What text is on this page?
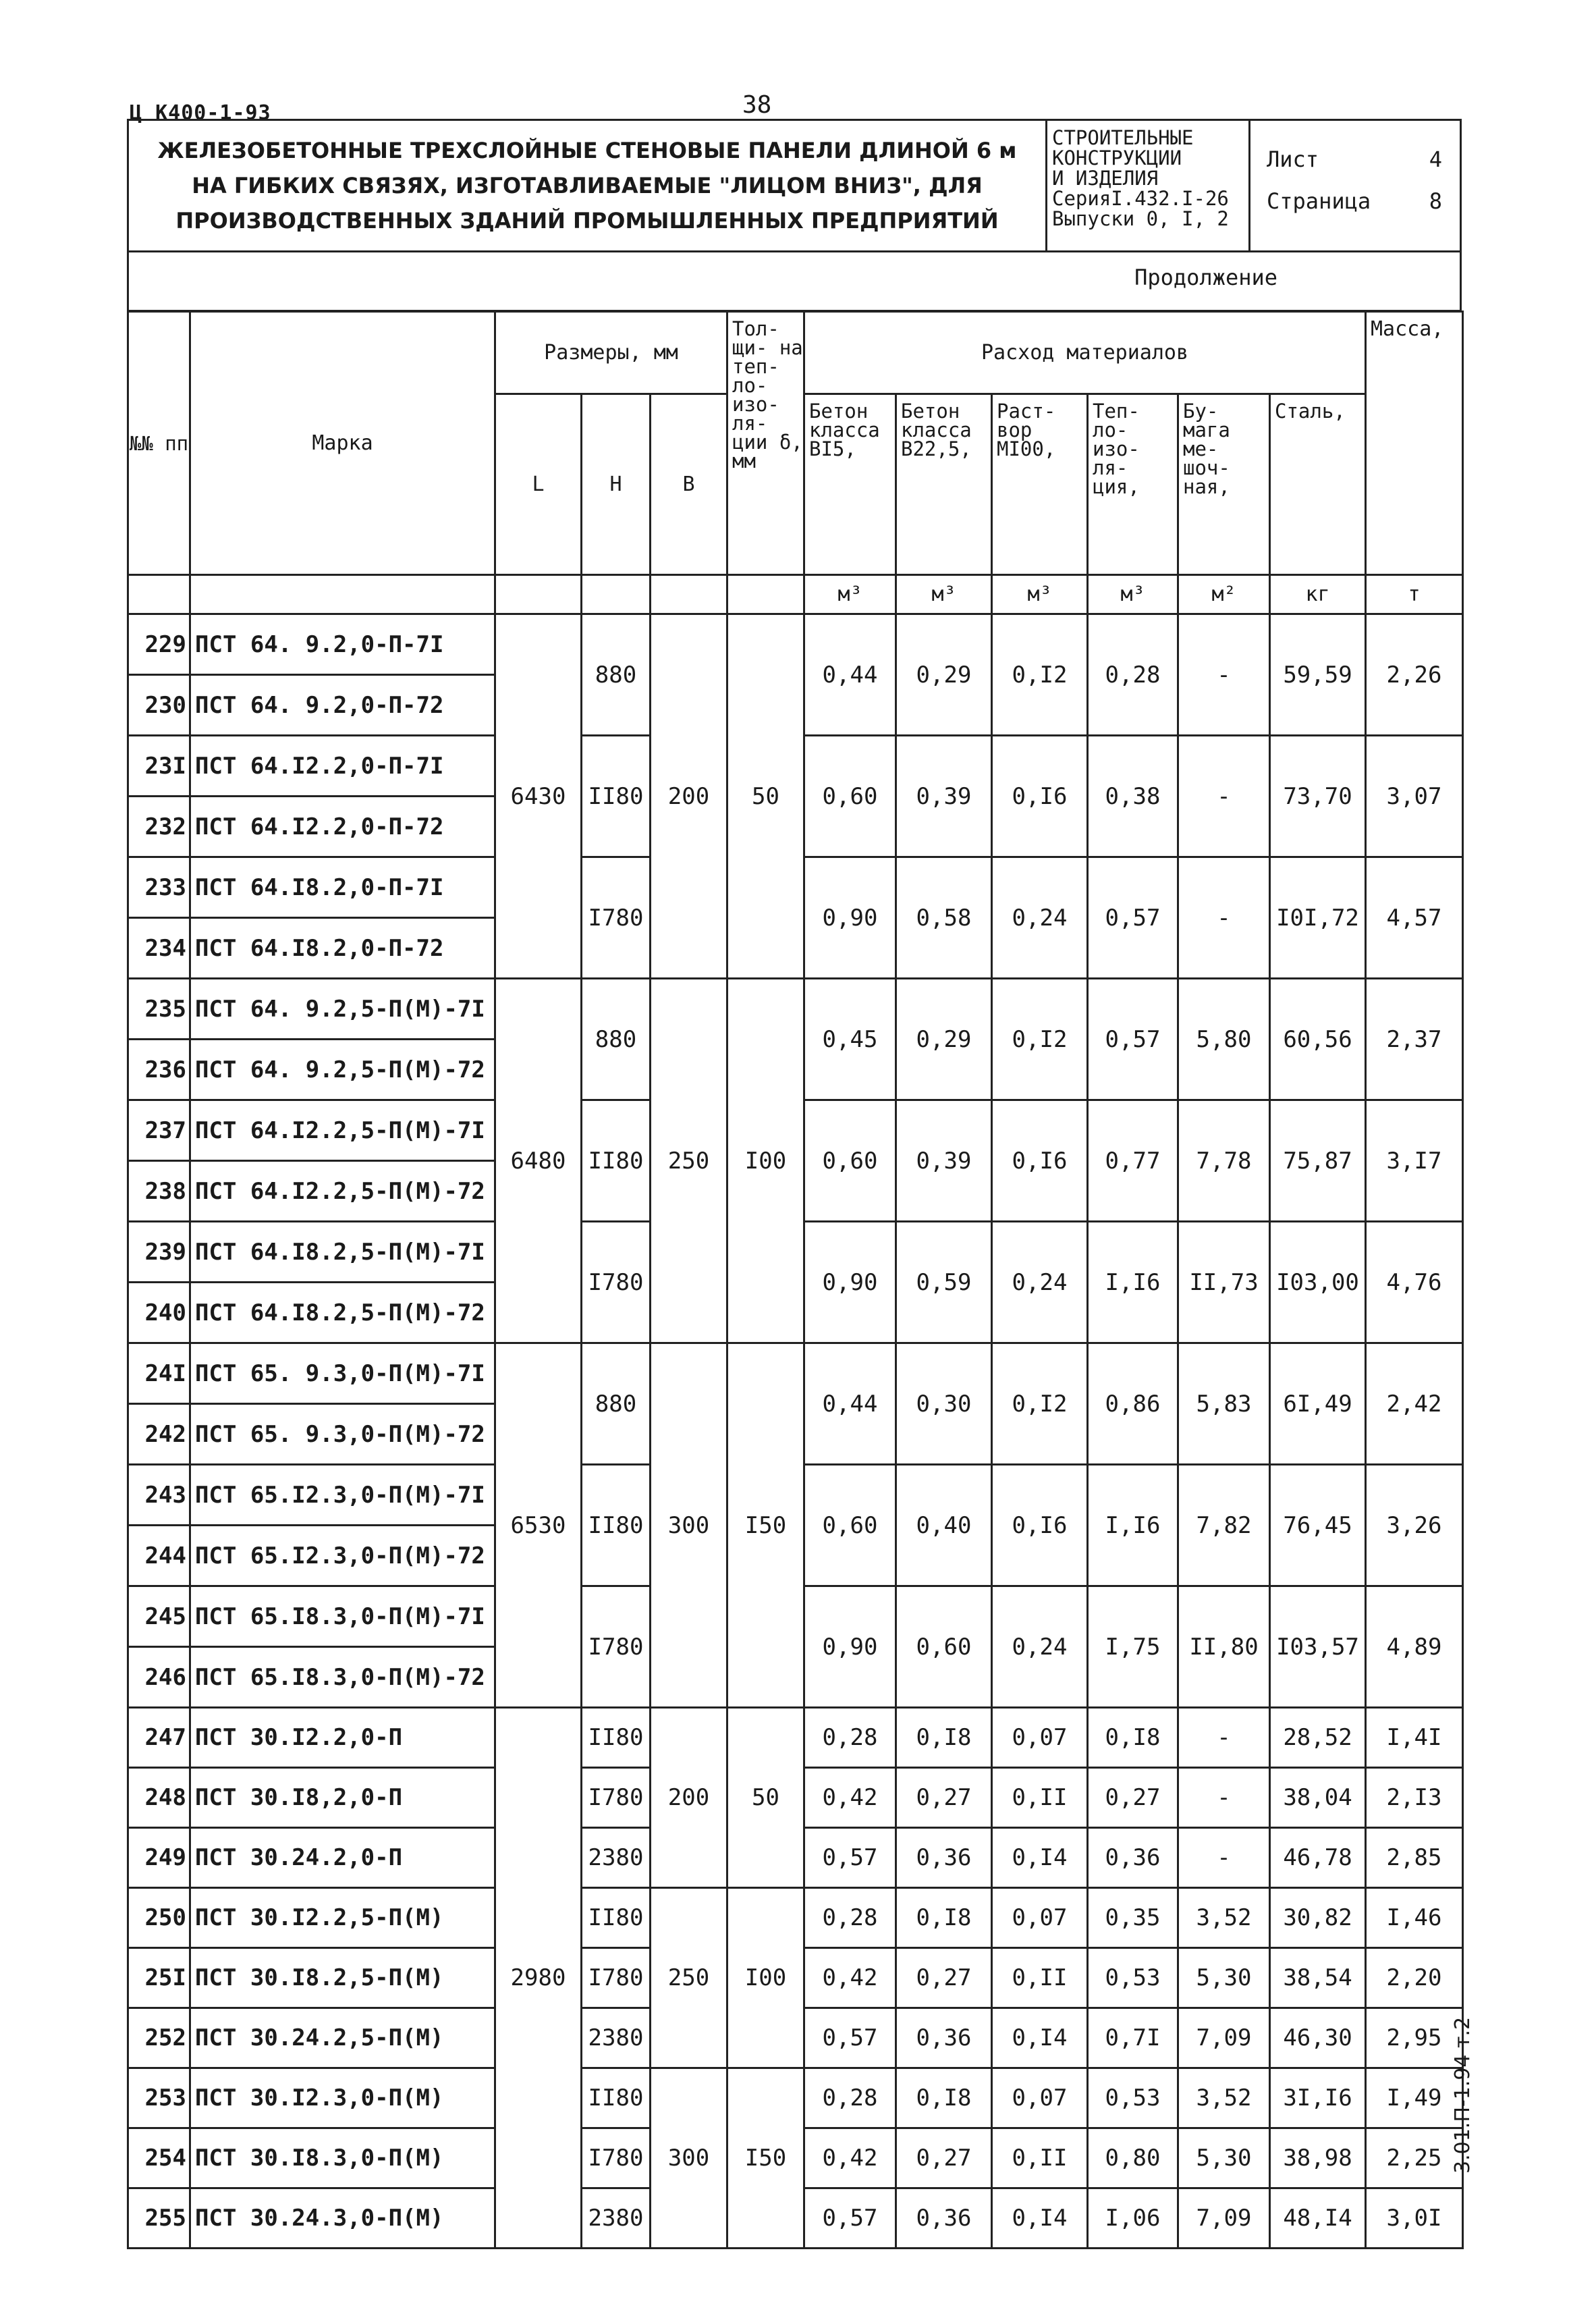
Ц К400-1-93	38
ЖЕЛЕЗОБЕТОННЫЕ ТРЕХСЛОЙНЫЕ СТЕНОВЫЕ ПАНЕЛИ ДЛИНОЙ 6 м
НА ГИБКИХ СВЯЗЯХ, ИЗГОТАВЛИВАЕМЫЕ "ЛИЦОМ ВНИЗ", ДЛЯ
ПРОИЗВОДСТВЕННЫХ ЗДАНИЙ ПРОМЫШЛЕННЫХ ПРЕДПРИЯТИЙ
СТРОИТЕЛЬНЫЕ
КОНСТРУКЦИИ
И ИЗДЕЛИЯ
СерияI.432.I-26
Выпуски 0, I, 2
Лист	4
Страница	8
Продолжение
№№ пп	Марка	Размеры, мм			Тол- щи- на теп- ло- изо- ля- ции δ, мм	Расход материалов						Масса,
		L	H	B		Бетон класса BI5,	Бетон класса B22,5,	Раст- вор MI00,	Теп- ло- изо- ля- ция,	Бу- мага ме- шоч- ная,	Сталь,	
						м³	м³	м³	м³	м²	кг	т
229	ПСТ 64. 9.2,0-П-7I	6430	880	200	50	0,44	0,29	0,I2	0,28	-	59,59	2,26
230	ПСТ 64. 9.2,0-П-72											
23I	ПСТ 64.I2.2,0-П-7I		II80			0,60	0,39	0,I6	0,38	-	73,70	3,07
232	ПСТ 64.I2.2,0-П-72											
233	ПСТ 64.I8.2,0-П-7I		I780			0,90	0,58	0,24	0,57	-	I0I,72	4,57
234	ПСТ 64.I8.2,0-П-72											
235	ПСТ 64. 9.2,5-П(М)-7I	6480	880	250	I00	0,45	0,29	0,I2	0,57	5,80	60,56	2,37
236	ПСТ 64. 9.2,5-П(М)-72											
237	ПСТ 64.I2.2,5-П(М)-7I		II80			0,60	0,39	0,I6	0,77	7,78	75,87	3,I7
238	ПСТ 64.I2.2,5-П(М)-72											
239	ПСТ 64.I8.2,5-П(М)-7I		I780			0,90	0,59	0,24	I,I6	II,73	I03,00	4,76
240	ПСТ 64.I8.2,5-П(М)-72											
24I	ПСТ 65. 9.3,0-П(М)-7I	6530	880	300	I50	0,44	0,30	0,I2	0,86	5,83	6I,49	2,42
242	ПСТ 65. 9.3,0-П(М)-72											
243	ПСТ 65.I2.3,0-П(М)-7I		II80			0,60	0,40	0,I6	I,I6	7,82	76,45	3,26
244	ПСТ 65.I2.3,0-П(М)-72											
245	ПСТ 65.I8.3,0-П(М)-7I		I780			0,90	0,60	0,24	I,75	II,80	I03,57	4,89
246	ПСТ 65.I8.3,0-П(М)-72											
247	ПСТ 30.I2.2,0-П	2980	II80	200	50	0,28	0,I8	0,07	0,I8	-	28,52	I,4I
248	ПСТ 30.I8,2,0-П		I780			0,42	0,27	0,II	0,27	-	38,04	2,I3
249	ПСТ 30.24.2,0-П		2380			0,57	0,36	0,I4	0,36	-	46,78	2,85
250	ПСТ 30.I2.2,5-П(М)		II80	250	I00	0,28	0,I8	0,07	0,35	3,52	30,82	I,46
25I	ПСТ 30.I8.2,5-П(М)		I780			0,42	0,27	0,II	0,53	5,30	38,54	2,20
252	ПСТ 30.24.2,5-П(М)		2380			0,57	0,36	0,I4	0,7I	7,09	46,30	2,95
253	ПСТ 30.I2.3,0-П(М)		II80	300	I50	0,28	0,I8	0,07	0,53	3,52	3I,I6	I,49
254	ПСТ 30.I8.3,0-П(М)		I780			0,42	0,27	0,II	0,80	5,30	38,98	2,25
255	ПСТ 30.24.3,0-П(М)		2380			0,57	0,36	0,I4	I,06	7,09	48,I4	3,0I
3.01.П-1.94 т.2
